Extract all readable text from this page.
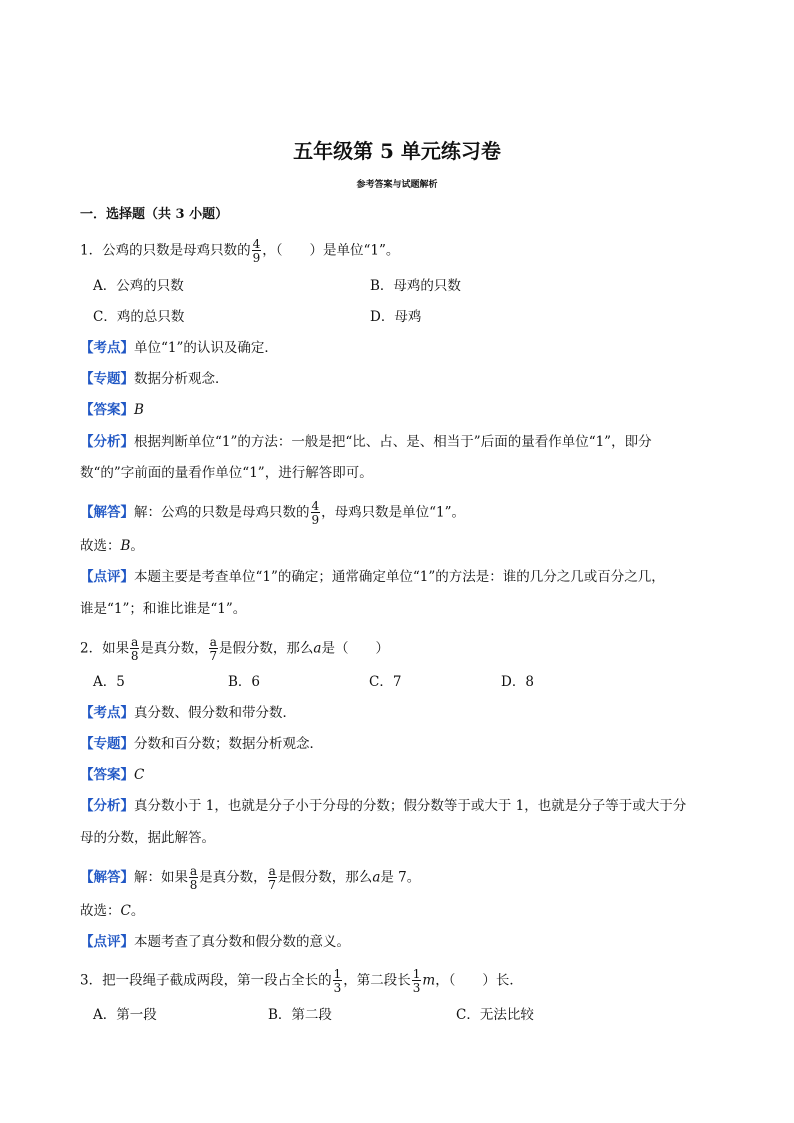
五年级第 5 单元练习卷
参考答案与试题解析
一．选择题（共 3 小题）
1．公鸡的只数是母鸡只数的 $\frac{4}{9}$ ，（　　）是单位“1”。
A．公鸡的只数	B．母鸡的只数
C．鸡的总只数	D．母鸡
【考点】单位“1”的认识及确定．
【专题】数据分析观念．
【答案】B
【分析】根据判断单位“1”的方法：一般是把“比、占、是、相当于”后面的量看作单位“1”，即分
数“的”字前面的量看作单位“1”，进行解答即可。
【解答】解：公鸡的只数是母鸡只数的 $\frac{4}{9}$ ，母鸡只数是单位“1”。
故选：B。
【点评】本题主要是考查单位“1”的确定；通常确定单位“1”的方法是：谁的几分之几或百分之几，
谁是“1”；和谁比谁是“1”。
2．如果 $\frac{a}{8}$ 是真分数， $\frac{a}{7}$ 是假分数，那么a是（　　）
A．5	B．6	C．7	D．8
【考点】真分数、假分数和带分数．
【专题】分数和百分数；数据分析观念．
【答案】C
【分析】真分数小于 1，也就是分子小于分母的分数；假分数等于或大于 1，也就是分子等于或大于分
母的分数，据此解答。
【解答】解：如果 $\frac{a}{8}$ 是真分数， $\frac{a}{7}$ 是假分数，那么a是 7。
故选：C。
【点评】本题考查了真分数和假分数的意义。
3．把一段绳子截成两段，第一段占全长的 $\frac{1}{3}$ ，第二段长 $\frac{1}{3}$ m，（　　）长．
A．第一段	B．第二段	C．无法比较
